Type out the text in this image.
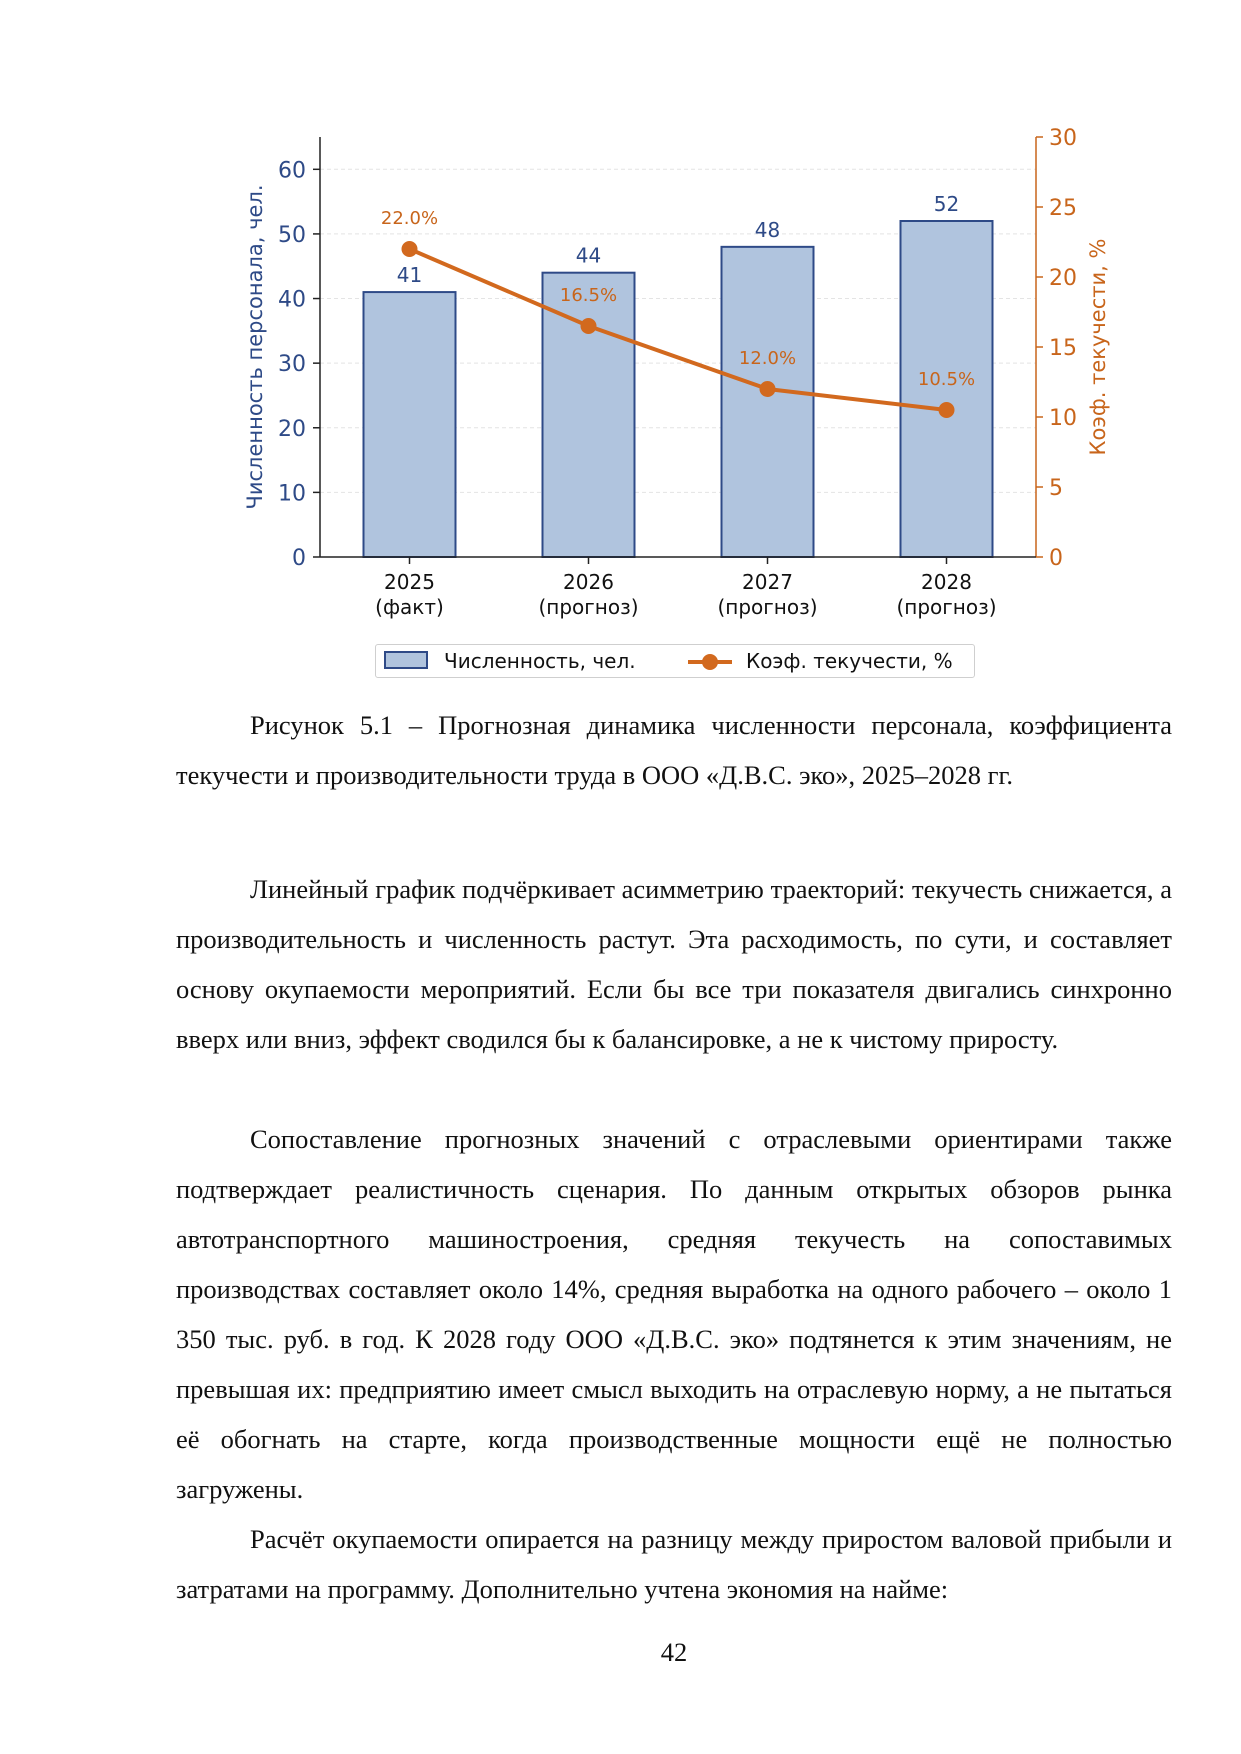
41
44
48
52
22.0%
16.5%
12.0%
10.5%
0
10
20
30
40
50
60
0
5
10
15
20
25
30
2025
(факт)
2026
(прогноз)
2027
(прогноз)
2028
(прогноз)
Численность персонала, чел.	Коэф. текучести, %
Численность, чел.	Коэф. текучести, %

Рисунок 5.1 – Прогнозная динамика численности персонала, коэффициента текучести и производительности труда в ООО «Д.В.С. эко», 2025–2028 гг.

Линейный график подчёркивает асимметрию траекторий: текучесть снижается, а производительность и численность растут. Эта расходимость, по сути, и составляет основу окупаемости мероприятий. Если бы все три показателя двигались синхронно вверх или вниз, эффект сводился бы к балансировке, а не к чистому приросту.

Сопоставление прогнозных значений с отраслевыми ориентирами также подтверждает реалистичность сценария. По данным открытых обзоров рынка автотранспортного машиностроения, средняя текучесть на сопоставимых производствах составляет около 14%, средняя выработка на одного рабочего – около 1 350 тыс. руб. в год. К 2028 году ООО «Д.В.С. эко» подтянется к этим значениям, не превышая их: предприятию имеет смысл выходить на отраслевую норму, а не пытаться её обогнать на старте, когда производственные мощности ещё не полностью загружены.

Расчёт окупаемости опирается на разницу между приростом валовой прибыли и затратами на программу. Дополнительно учтена экономия на найме:

42
